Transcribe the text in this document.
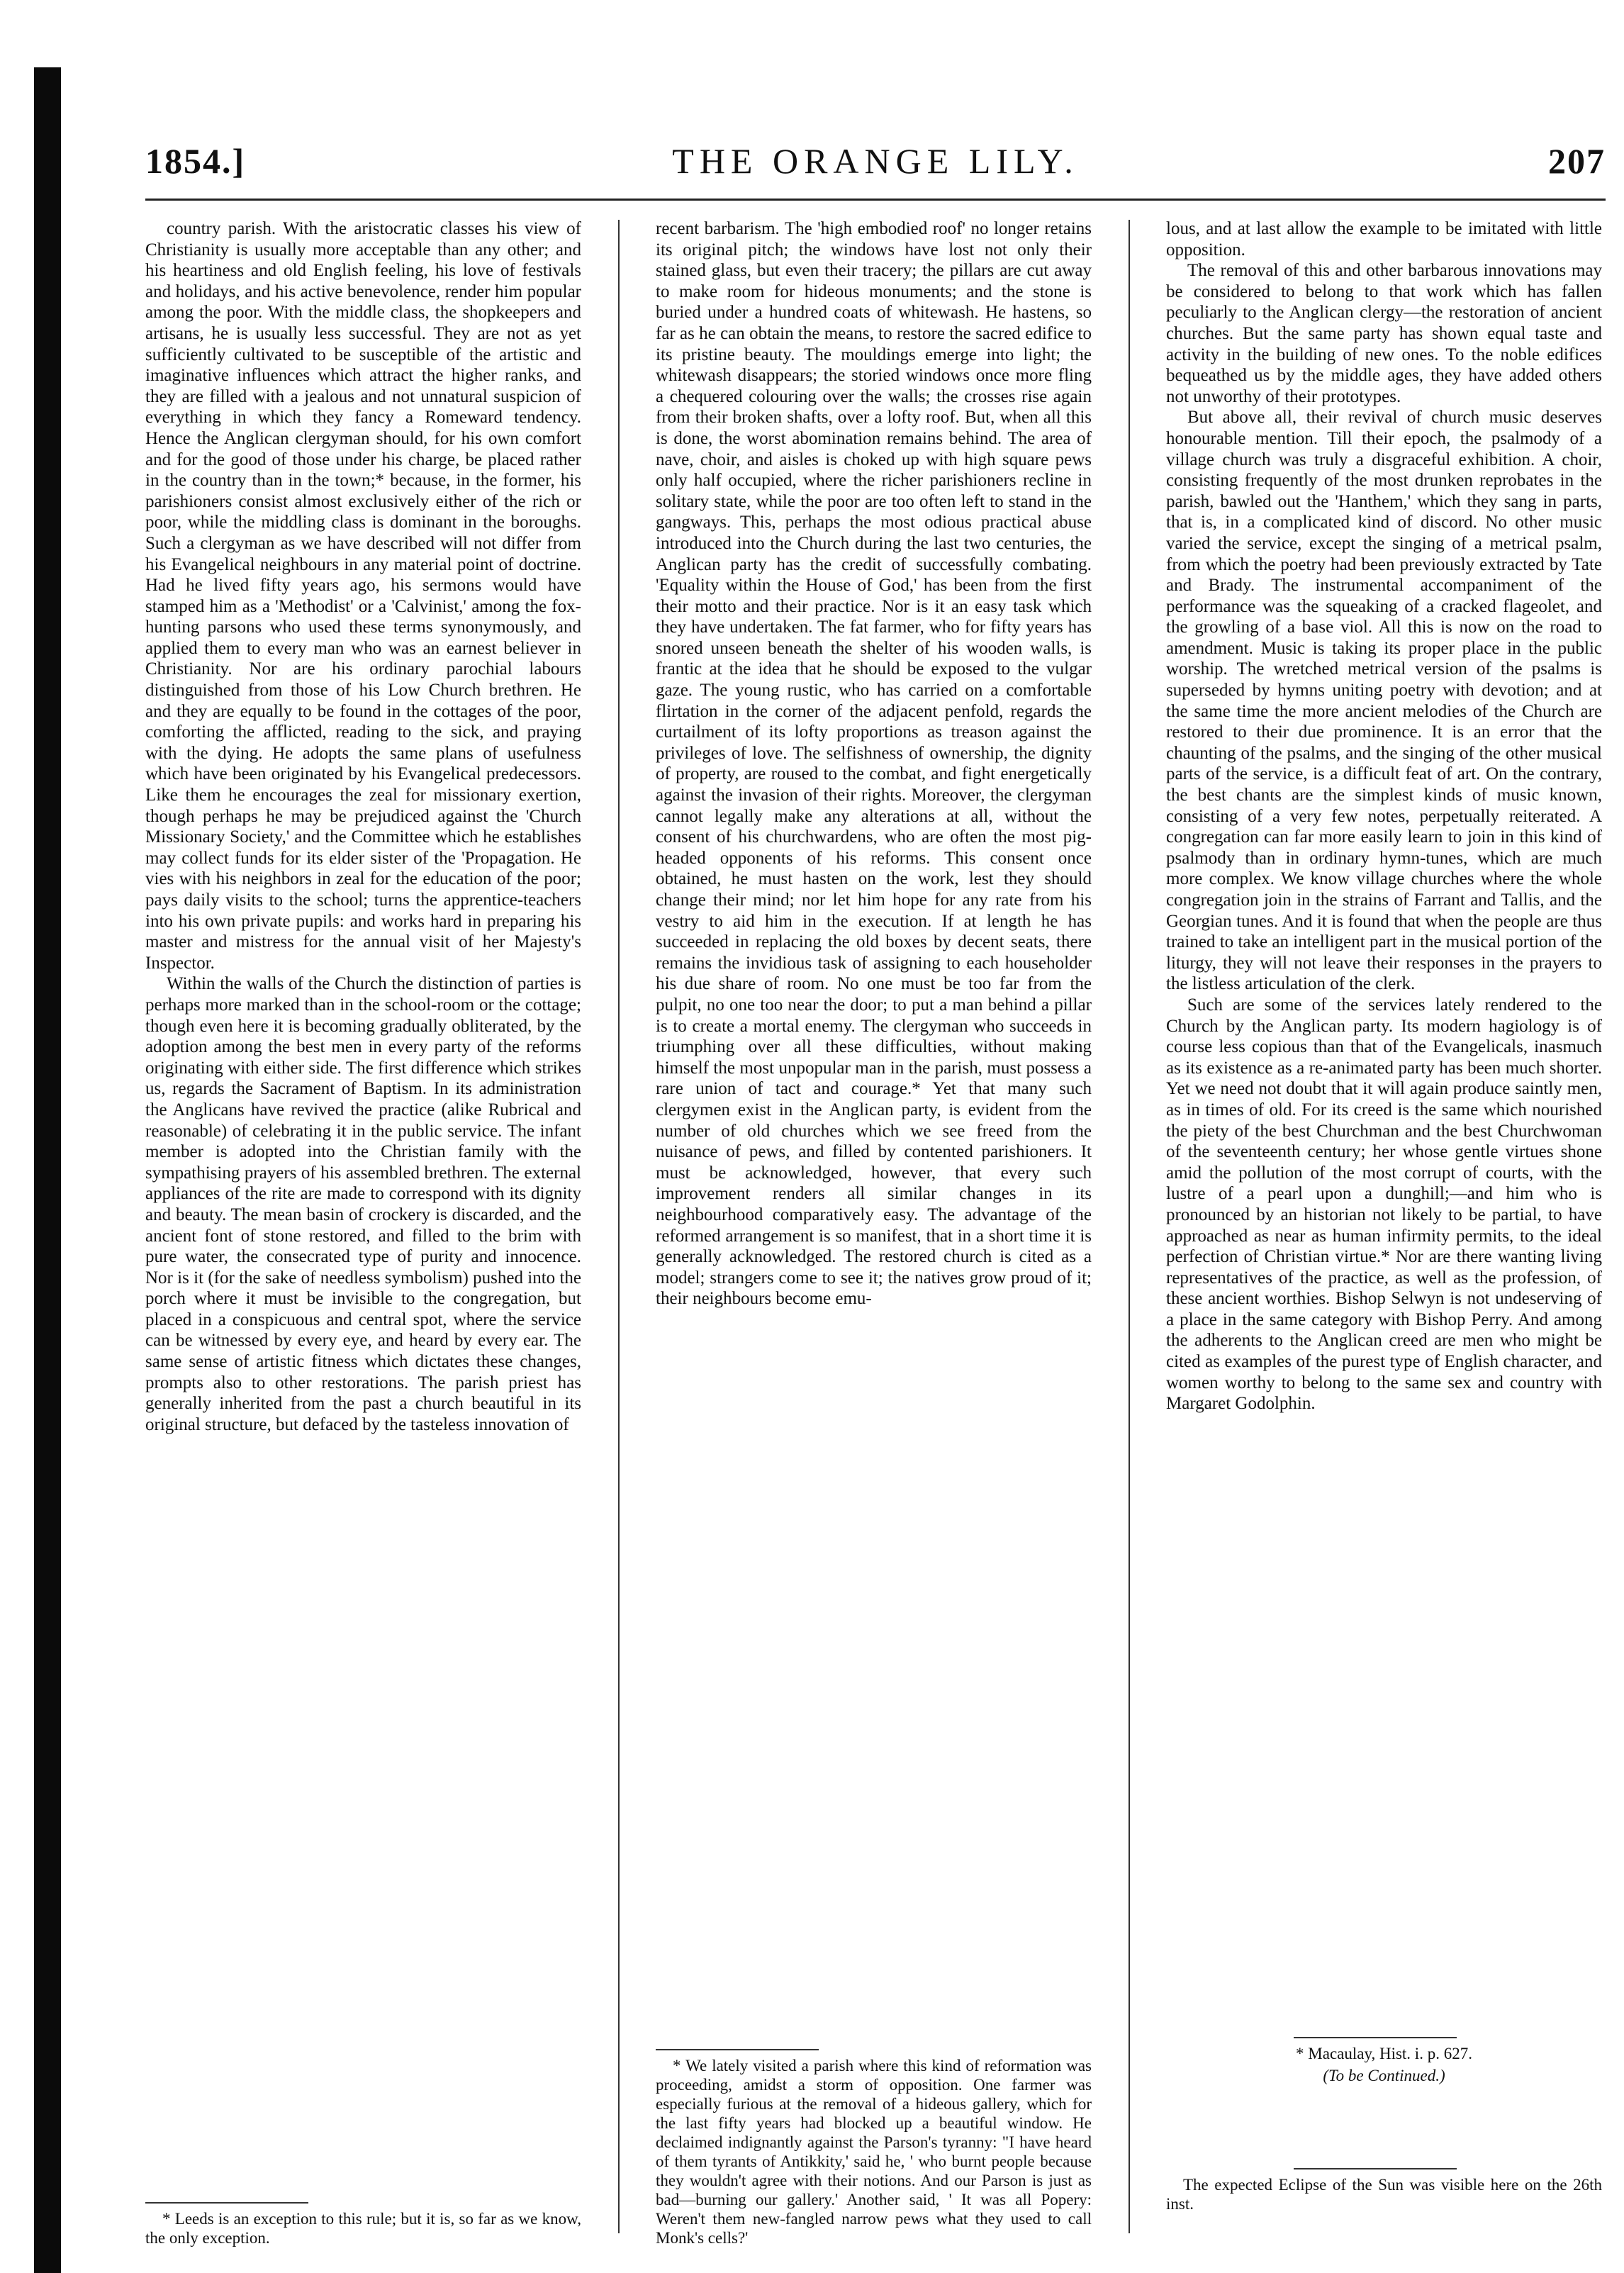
1854.]	THE ORANGE LILY.	207

country parish. With the aristocratic classes his view of Christianity is usually more acceptable than any other; and his heartiness and old English feeling, his love of festivals and holidays, and his active benevolence, render him popular among the poor. With the middle class, the shopkeepers and artisans, he is usually less successful. They are not as yet sufficiently cultivated to be susceptible of the artistic and imaginative influences which attract the higher ranks, and they are filled with a jealous and not unnatural suspicion of everything in which they fancy a Romeward tendency. Hence the Anglican clergyman should, for his own comfort and for the good of those under his charge, be placed rather in the country than in the town;* because, in the former, his parishioners consist almost exclusively either of the rich or poor, while the middling class is dominant in the boroughs. Such a clergyman as we have described will not differ from his Evangelical neighbours in any material point of doctrine. Had he lived fifty years ago, his sermons would have stamped him as a 'Methodist' or a 'Calvinist,' among the fox-hunting parsons who used these terms synonymously, and applied them to every man who was an earnest believer in Christianity. Nor are his ordinary parochial labours distinguished from those of his Low Church brethren. He and they are equally to be found in the cottages of the poor, comforting the afflicted, reading to the sick, and praying with the dying. He adopts the same plans of usefulness which have been originated by his Evangelical predecessors. Like them he encourages the zeal for missionary exertion, though perhaps he may be prejudiced against the 'Church Missionary Society,' and the Committee which he establishes may collect funds for its elder sister of the 'Propagation. He vies with his neighbors in zeal for the education of the poor; pays daily visits to the school; turns the apprentice-teachers into his own private pupils: and works hard in preparing his master and mistress for the annual visit of her Majesty's Inspector.

Within the walls of the Church the distinction of parties is perhaps more marked than in the school-room or the cottage; though even here it is becoming gradually obliterated, by the adoption among the best men in every party of the reforms originating with either side. The first difference which strikes us, regards the Sacrament of Baptism. In its administration the Anglicans have revived the practice (alike Rubrical and reasonable) of celebrating it in the public service. The infant member is adopted into the Christian family with the sympathising prayers of his assembled brethren. The external appliances of the rite are made to correspond with its dignity and beauty. The mean basin of crockery is discarded, and the ancient font of stone restored, and filled to the brim with pure water, the consecrated type of purity and innocence. Nor is it (for the sake of needless symbolism) pushed into the porch where it must be invisible to the congregation, but placed in a conspicuous and central spot, where the service can be witnessed by every eye, and heard by every ear. The same sense of artistic fitness which dictates these changes, prompts also to other restorations. The parish priest has generally inherited from the past a church beautiful in its original structure, but defaced by the tasteless innovation of

* Leeds is an exception to this rule; but it is, so far as we know, the only exception.

recent barbarism. The 'high embodied roof' no longer retains its original pitch; the windows have lost not only their stained glass, but even their tracery; the pillars are cut away to make room for hideous monuments; and the stone is buried under a hundred coats of whitewash. He hastens, so far as he can obtain the means, to restore the sacred edifice to its pristine beauty. The mouldings emerge into light; the whitewash disappears; the storied windows once more fling a chequered colouring over the walls; the crosses rise again from their broken shafts, over a lofty roof. But, when all this is done, the worst abomination remains behind. The area of nave, choir, and aisles is choked up with high square pews only half occupied, where the richer parishioners recline in solitary state, while the poor are too often left to stand in the gangways. This, perhaps the most odious practical abuse introduced into the Church during the last two centuries, the Anglican party has the credit of successfully combating. 'Equality within the House of God,' has been from the first their motto and their practice. Nor is it an easy task which they have undertaken. The fat farmer, who for fifty years has snored unseen beneath the shelter of his wooden walls, is frantic at the idea that he should be exposed to the vulgar gaze. The young rustic, who has carried on a comfortable flirtation in the corner of the adjacent penfold, regards the curtailment of its lofty proportions as treason against the privileges of love. The selfishness of ownership, the dignity of property, are roused to the combat, and fight energetically against the invasion of their rights. Moreover, the clergyman cannot legally make any alterations at all, without the consent of his churchwardens, who are often the most pig-headed opponents of his reforms. This consent once obtained, he must hasten on the work, lest they should change their mind; nor let him hope for any rate from his vestry to aid him in the execution. If at length he has succeeded in replacing the old boxes by decent seats, there remains the invidious task of assigning to each householder his due share of room. No one must be too far from the pulpit, no one too near the door; to put a man behind a pillar is to create a mortal enemy. The clergyman who succeeds in triumphing over all these difficulties, without making himself the most unpopular man in the parish, must possess a rare union of tact and courage.* Yet that many such clergymen exist in the Anglican party, is evident from the number of old churches which we see freed from the nuisance of pews, and filled by contented parishioners. It must be acknowledged, however, that every such improvement renders all similar changes in its neighbourhood comparatively easy. The advantage of the reformed arrangement is so manifest, that in a short time it is generally acknowledged. The restored church is cited as a model; strangers come to see it; the natives grow proud of it; their neighbours become emu-

* We lately visited a parish where this kind of reformation was proceeding, amidst a storm of opposition. One farmer was especially furious at the removal of a hideous gallery, which for the last fifty years had blocked up a beautiful window. He declaimed indignantly against the Parson's tyranny: "I have heard of them tyrants of Antikkity,' said he, ' who burnt people because they wouldn't agree with their notions. And our Parson is just as bad—burning our gallery.' Another said, ' It was all Popery: Weren't them new-fangled narrow pews what they used to call Monk's cells?'

lous, and at last allow the example to be imitated with little opposition.

The removal of this and other barbarous innovations may be considered to belong to that work which has fallen peculiarly to the Anglican clergy—the restoration of ancient churches. But the same party has shown equal taste and activity in the building of new ones. To the noble edifices bequeathed us by the middle ages, they have added others not unworthy of their prototypes.

But above all, their revival of church music deserves honourable mention. Till their epoch, the psalmody of a village church was truly a disgraceful exhibition. A choir, consisting frequently of the most drunken reprobates in the parish, bawled out the 'Hanthem,' which they sang in parts, that is, in a complicated kind of discord. No other music varied the service, except the singing of a metrical psalm, from which the poetry had been previously extracted by Tate and Brady. The instrumental accompaniment of the performance was the squeaking of a cracked flageolet, and the growling of a base viol. All this is now on the road to amendment. Music is taking its proper place in the public worship. The wretched metrical version of the psalms is superseded by hymns uniting poetry with devotion; and at the same time the more ancient melodies of the Church are restored to their due prominence. It is an error that the chaunting of the psalms, and the singing of the other musical parts of the service, is a difficult feat of art. On the contrary, the best chants are the simplest kinds of music known, consisting of a very few notes, perpetually reiterated. A congregation can far more easily learn to join in this kind of psalmody than in ordinary hymn-tunes, which are much more complex. We know village churches where the whole congregation join in the strains of Farrant and Tallis, and the Georgian tunes. And it is found that when the people are thus trained to take an intelligent part in the musical portion of the liturgy, they will not leave their responses in the prayers to the listless articulation of the clerk.

Such are some of the services lately rendered to the Church by the Anglican party. Its modern hagiology is of course less copious than that of the Evangelicals, inasmuch as its existence as a re-animated party has been much shorter. Yet we need not doubt that it will again produce saintly men, as in times of old. For its creed is the same which nourished the piety of the best Churchman and the best Churchwoman of the seventeenth century; her whose gentle virtues shone amid the pollution of the most corrupt of courts, with the lustre of a pearl upon a dunghill;—and him who is pronounced by an historian not likely to be partial, to have approached as near as human infirmity permits, to the ideal perfection of Christian virtue.* Nor are there wanting living representatives of the practice, as well as the profession, of these ancient worthies. Bishop Selwyn is not undeserving of a place in the same category with Bishop Perry. And among the adherents to the Anglican creed are men who might be cited as examples of the purest type of English character, and women worthy to belong to the same sex and country with Margaret Godolphin.

* Macaulay, Hist. i. p. 627.

(To be Continued.)

The expected Eclipse of the Sun was visible here on the 26th inst.
